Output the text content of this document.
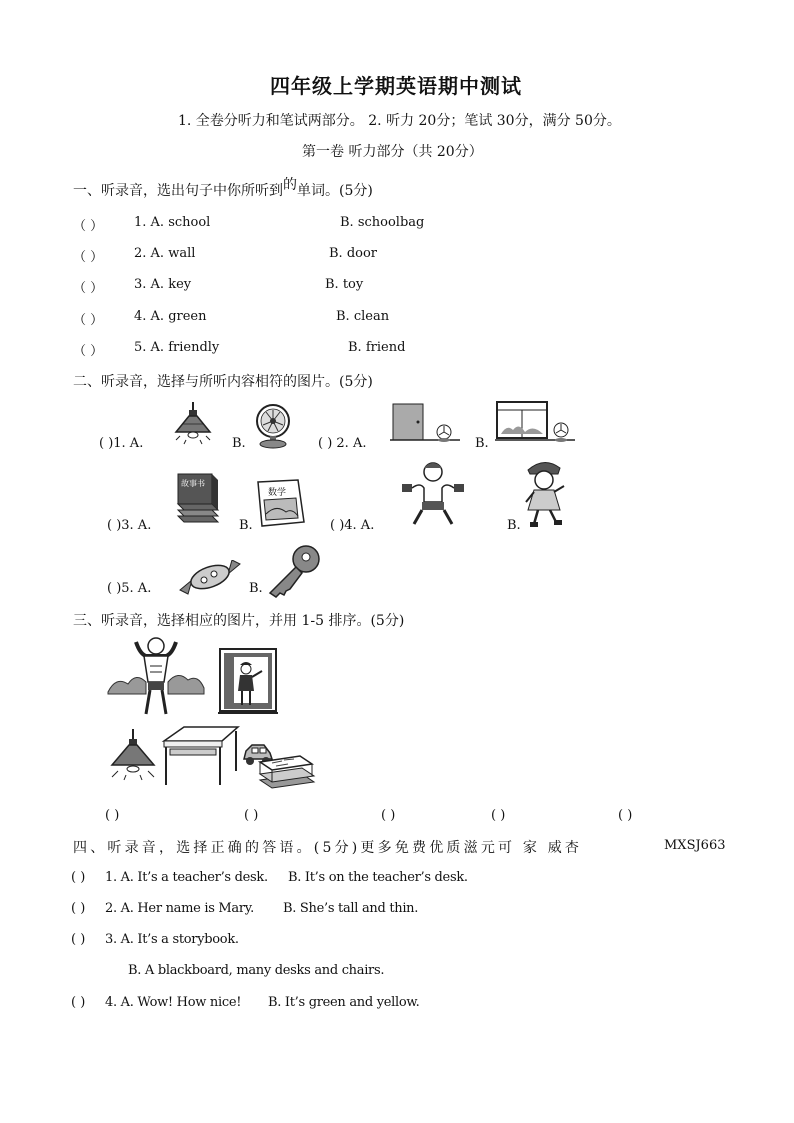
四年级上学期英语期中测试
1. 全卷分听力和笔试两部分。 2. 听力 20分；笔试 30分，满分 50分。
第一卷 听力部分（共 20分）
一、听录音，选出句子中你所听到的单词。(5分)
（ ） 1. A. school	B. schoolbag
（ ） 2. A. wall	B. door
（ ） 3. A. key	B. toy
（ ） 4. A. green	B. clean
（ ） 5. A. friendly	B. friend
二、听录音，选择与所听内容相符的图片。(5分)
( )1. A.	B.	( ) 2. A.	B.
( )3. A.
故事书
B.
数学
( )4. A.	B.
( )5. A.	B.
三、听录音，选择相应的图片，并用 1-5 排序。(5分)
( )	( )	( )	( )	( )
四、听录音，选择正确的答语。(5分)更多免费优质滋元可 家 威杏	MXSJ663
( ) 1. A. It’s a teacher’s desk. B. It’s on the teacher’s desk.
( ) 2. A. Her name is Mary. B. She’s tall and thin.
( ) 3. A. It’s a storybook.
B. A blackboard, many desks and chairs.
( ) 4. A. Wow! How nice! B. It’s green and yellow.
